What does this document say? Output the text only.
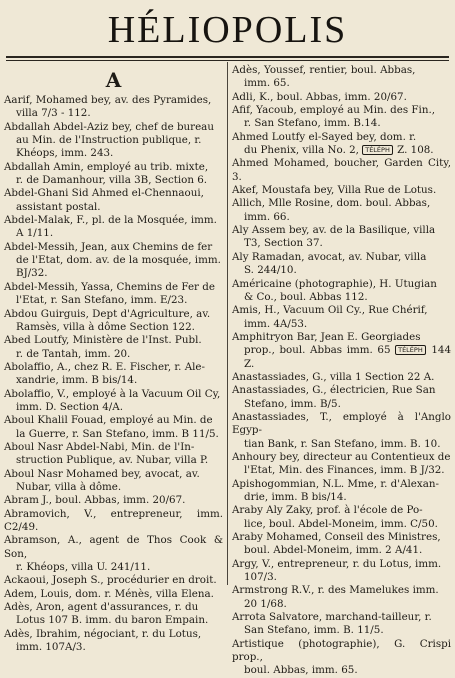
HÉLIOPOLIS
A
Aarif, Mohamed bey, av. des Pyramides,
villa 7/3 - 112.
Abdallah Abdel-Aziz bey, chef de bureau
au Min. de l'Instruction publique, r.
Khéops, imm. 243.
Abdallah Amin, employé au trib. mixte,
r. de Damanhour, villa 3B, Section 6.
Abdel-Ghani Sid Ahmed el-Chennaoui,
assistant postal.
Abdel-Malak, F., pl. de la Mosquée, imm.
A 1/11.
Abdel-Messih, Jean, aux Chemins de fer
de l'Etat, dom. av. de la mosquée, imm.
BJ/32.
Abdel-Messih, Yassa, Chemins de Fer de
l'Etat, r. San Stefano, imm. E/23.
Abdou Guirguis, Dept d'Agriculture, av.
Ramsès, villa à dôme Section 122.
Abed Loutfy, Ministère de l'Inst. Publ.
r. de Tantah, imm. 20.
Abolaffio, A., chez R. E. Fischer, r. Ale-
xandrie, imm. B bis/14.
Abolaffio, V., employé à la Vacuum Oil Cy,
imm. D. Section 4/A.
Aboul Khalil Fouad, employé au Min. de
la Guerre, r. San Stefano, imm. B 11/5.
Aboul Nasr Abdel-Nabi, Min. de l'In-
struction Publique, av. Nubar, villa P.
Aboul Nasr Mohamed bey, avocat, av.
Nubar, villa à dôme.
Abram J., boul. Abbas, imm. 20/67.
Abramovich, V., entrepreneur, imm. C2/49.
Abramson, A., agent de Thos Cook & Son,
r. Khéops, villa U. 241/11.
Ackaoui, Joseph S., procédurier en droit.
Adem, Louis, dom. r. Ménès, villa Elena.
Adès, Aron, agent d'assurances, r. du
Lotus 107 B. imm. du baron Empain.
Adès, Ibrahim, négociant, r. du Lotus,
imm. 107A/3.
Adès, Youssef, rentier, boul. Abbas,
imm. 65.
Adli, K., boul. Abbas, imm. 20/67.
Afif, Yacoub, employé au Min. des Fin.,
r. San Stefano, imm. B.14.
Ahmed Loutfy el-Sayed bey, dom. r.
du Phenix, villa No. 2, TÉLÉPH Z. 108.
Ahmed Mohamed, boucher, Garden City, 3.
Akef, Moustafa bey, Villa Rue de Lotus.
Allich, Mlle Rosine, dom. boul. Abbas,
imm. 66.
Aly Assem bey, av. de la Basilique, villa
T3, Section 37.
Aly Ramadan, avocat, av. Nubar, villa
S. 244/10.
Américaine (photographie), H. Utugian
& Co., boul. Abbas 112.
Amis, H., Vacuum Oil Cy., Rue Chérif,
imm. 4A/53.
Amphitryon Bar, Jean E. Georgiades
prop., boul. Abbas imm. 65 TÉLÉPH 144 Z.
Anastassiades, G., villa 1 Section 22 A.
Anastassiades, G., électricien, Rue San
Stefano, imm. B/5.
Anastassiades, T., employé à l'Anglo Egyp-
tian Bank, r. San Stefano, imm. B. 10.
Anhoury bey, directeur au Contentieux de
l'Etat, Min. des Finances, imm. B J/32.
Apishogommian, N.L. Mme, r. d'Alexan-
drie, imm. B bis/14.
Araby Aly Zaky, prof. à l'école de Po-
lice, boul. Abdel-Moneim, imm. C/50.
Araby Mohamed, Conseil des Ministres,
boul. Abdel-Moneim, imm. 2 A/41.
Argy, V., entrepreneur, r. du Lotus, imm.
107/3.
Armstrong R.V., r. des Mamelukes imm.
20 1/68.
Arrota Salvatore, marchand-tailleur, r.
San Stefano, imm. B. 11/5.
Artistique (photographie), G. Crispi prop.,
boul. Abbas, imm. 65.
